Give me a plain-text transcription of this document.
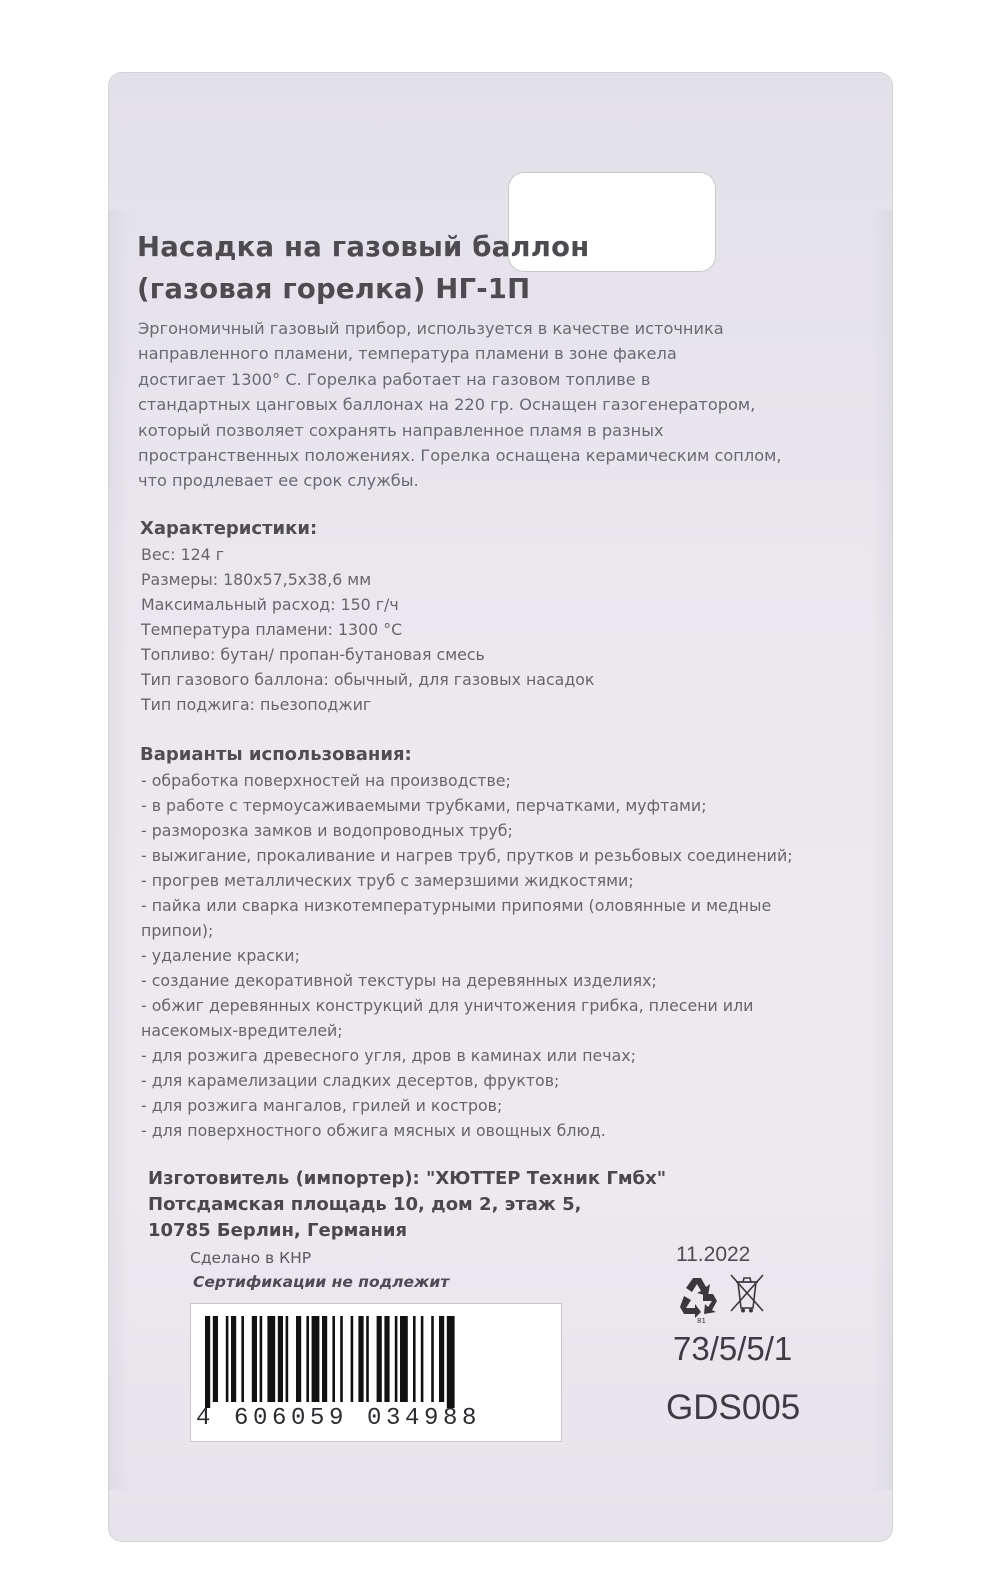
Насадка на газовый баллон
(газовая горелка) НГ-1П
Эргономичный газовый прибор, используется в качестве источника
направленного пламени, температура пламени в зоне факела
достигает 1300° С. Горелка работает на газовом топливе в
стандартных цанговых баллонах на 220 гр. Оснащен газогенератором,
который позволяет сохранять направленное пламя в разных
пространственных положениях. Горелка оснащена керамическим соплом,
что продлевает ее срок службы.
Характеристики:
Вес: 124 г
Размеры: 180х57,5х38,6 мм
Максимальный расход: 150 г/ч
Температура пламени: 1300 °С
Топливо: бутан/ пропан-бутановая смесь
Тип газового баллона: обычный, для газовых насадок
Тип поджига: пьезоподжиг
Варианты использования:
- обработка поверхностей на производстве;
- в работе с термоусаживаемыми трубками, перчатками, муфтами;
- разморозка замков и водопроводных труб;
- выжигание, прокаливание и нагрев труб, прутков и резьбовых соединений;
- прогрев металлических труб с замерзшими жидкостями;
- пайка или сварка низкотемпературными припоями (оловянные и медные припои);
- удаление краски;
- создание декоративной текстуры на деревянных изделиях;
- обжиг деревянных конструкций для уничтожения грибка, плесени или насекомых-вредителей;
- для розжига древесного угля, дров в каминах или печах;
- для карамелизации сладких десертов, фруктов;
- для розжига мангалов, грилей и костров;
- для поверхностного обжига мясных и овощных блюд.
Изготовитель (импортер): "ХЮТТЕР Техник Гмбх"
Потсдамская площадь 10, дом 2, этаж 5,
10785 Берлин, Германия
Сделано в КНР
Сертификации не подлежит
11.2022
81
73/5/5/1
GDS005
4 606059 034988
